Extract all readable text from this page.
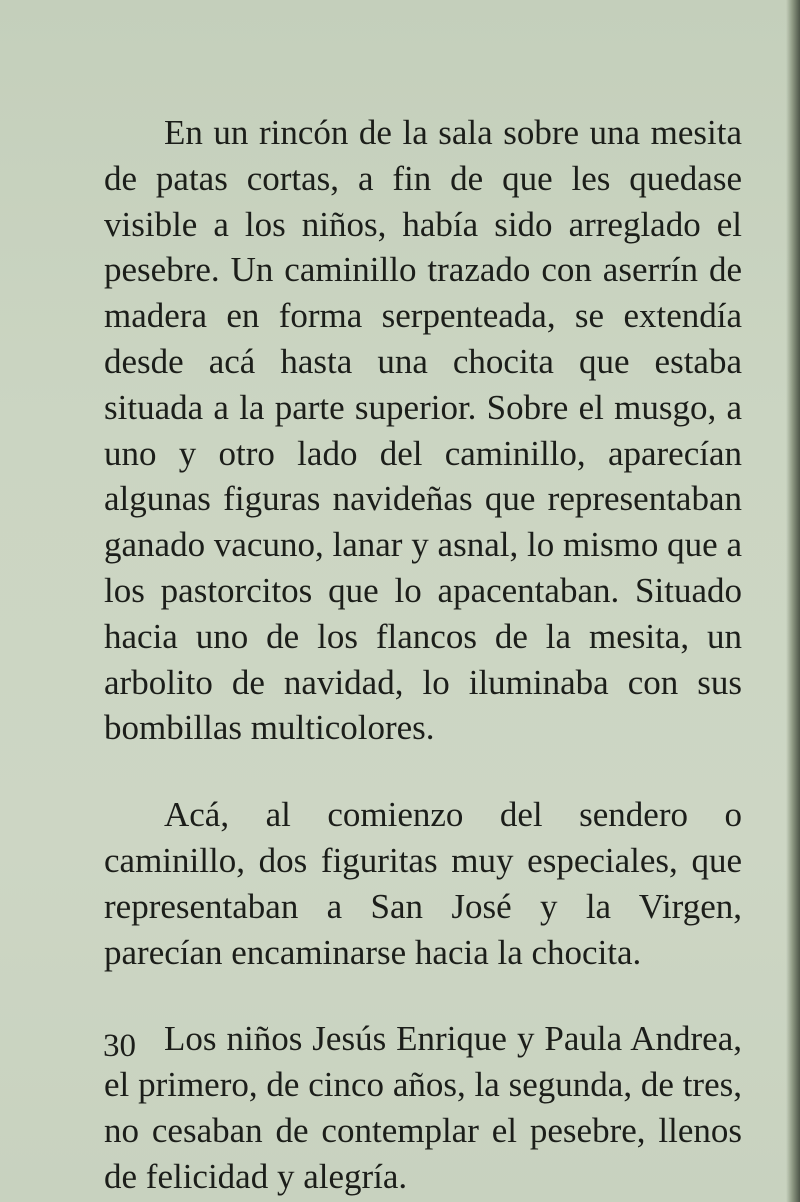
En un rincón de la sala sobre una mesita de patas cortas, a fin de que les quedase visible a los niños, había sido arreglado el pesebre. Un caminillo trazado con aserrín de madera en forma serpenteada, se extendía desde acá hasta una chocita que estaba situada a la parte superior. Sobre el musgo, a uno y otro lado del caminillo, aparecían algunas figuras navideñas que representaban ganado vacuno, lanar y asnal, lo mismo que a los pastorcitos que lo apacentaban. Situado hacia uno de los flancos de la mesita, un arbolito de navidad, lo iluminaba con sus bombillas multicolores.

Acá, al comienzo del sendero o caminillo, dos figuritas muy especiales, que representaban a San José y la Virgen, parecían encaminarse hacia la chocita.

Los niños Jesús Enrique y Paula Andrea, el primero, de cinco años, la segunda, de tres, no cesaban de contemplar el pesebre, llenos de felicidad y alegría.

30
